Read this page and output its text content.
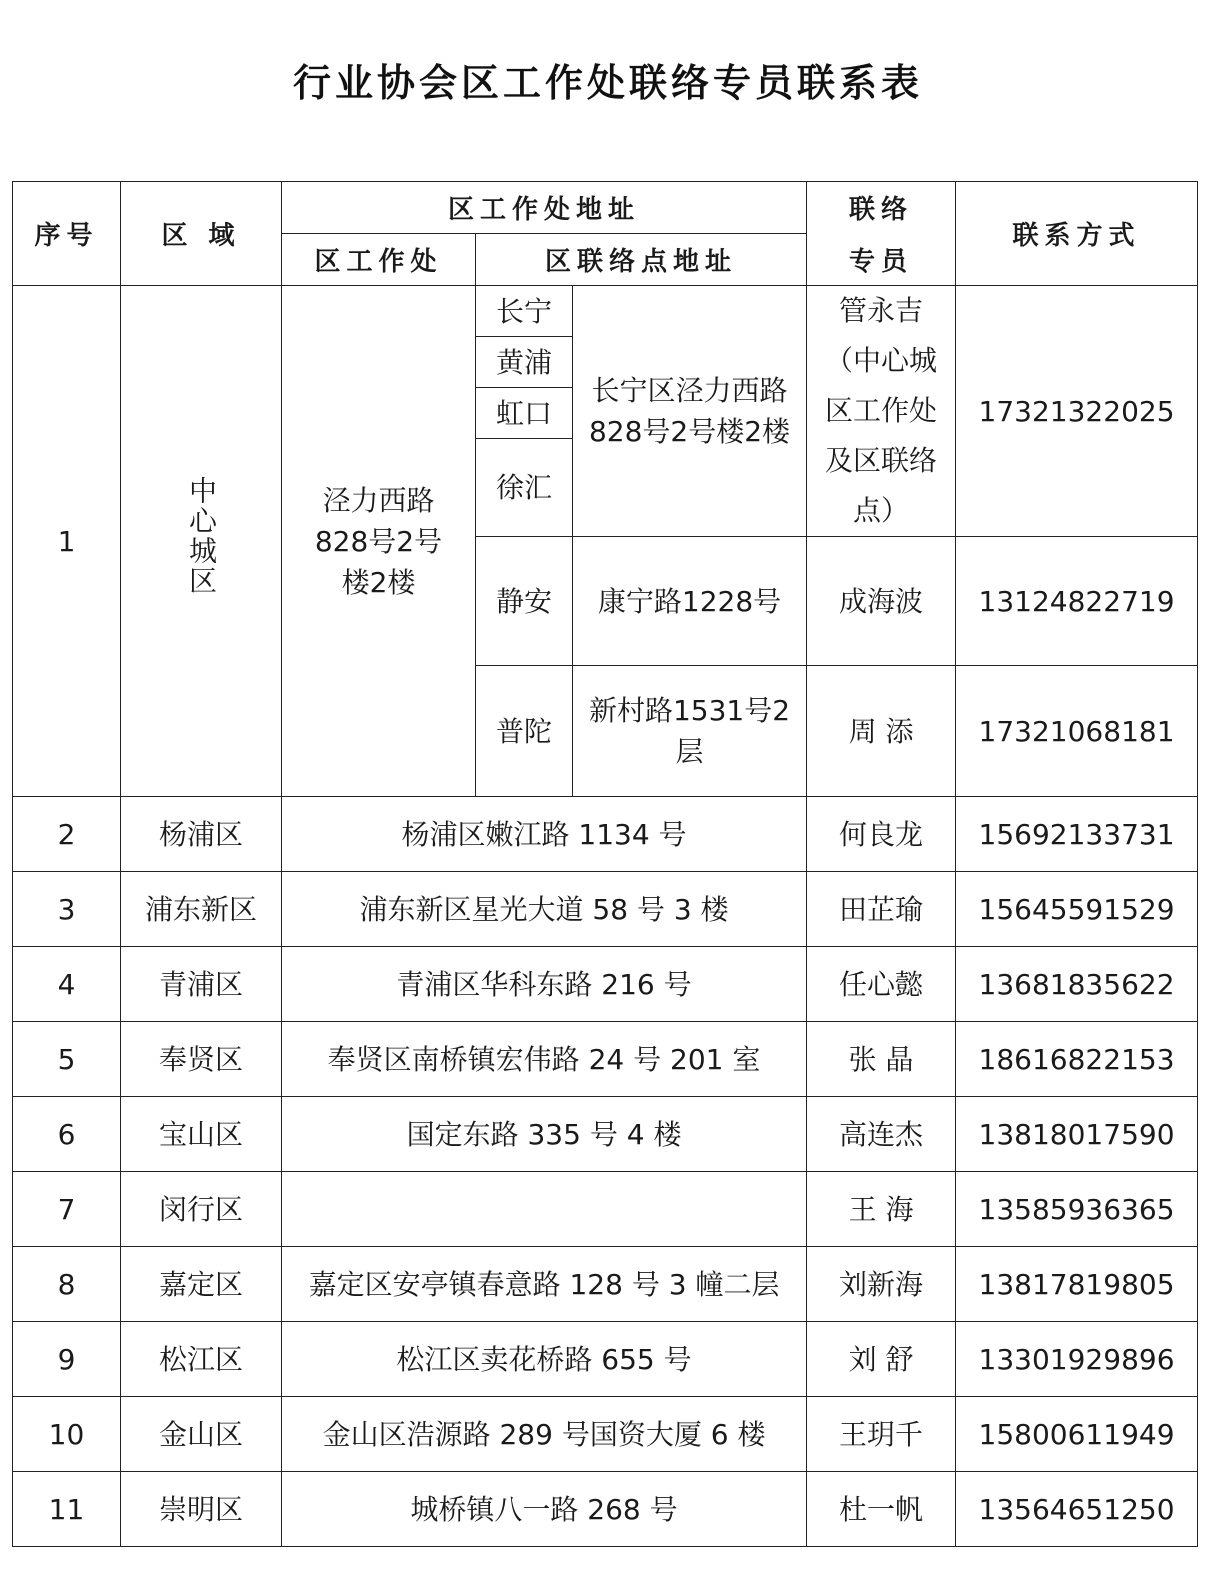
行业协会区工作处联络专员联系表
序号	区 域	区工作处地址			联络	联系方式
		区工作处	区联络点地址		专员	
1	中心城区	泾力西路828号2号楼2楼	长宁	长宁区泾力西路828号2号楼2楼	管永吉（中心城区工作处及区联络点）	17321322025
			黄浦			
			虹口			
			徐汇			

			静安	康宁路1228号	成海波	13124822719
			普陀	新村路1531号2层	周 添	17321068181

2	杨浦区	杨浦区嫩江路 1134 号			何良龙	15692133731
3	浦东新区	浦东新区星光大道 58 号 3 楼			田芷瑜	15645591529
4	青浦区	青浦区华科东路 216 号			任心懿	13681835622
5	奉贤区	奉贤区南桥镇宏伟路 24 号 201 室			张 晶	18616822153
6	宝山区	国定东路 335 号 4 楼			高连杰	13818017590
7	闵行区				王 海	13585936365
8	嘉定区	嘉定区安亭镇春意路 128 号 3 幢二层			刘新海	13817819805
9	松江区	松江区卖花桥路 655 号			刘 舒	13301929896
10	金山区	金山区浩源路 289 号国资大厦 6 楼			王玥千	15800611949
11	崇明区	城桥镇八一路 268 号			杜一帆	13564651250
